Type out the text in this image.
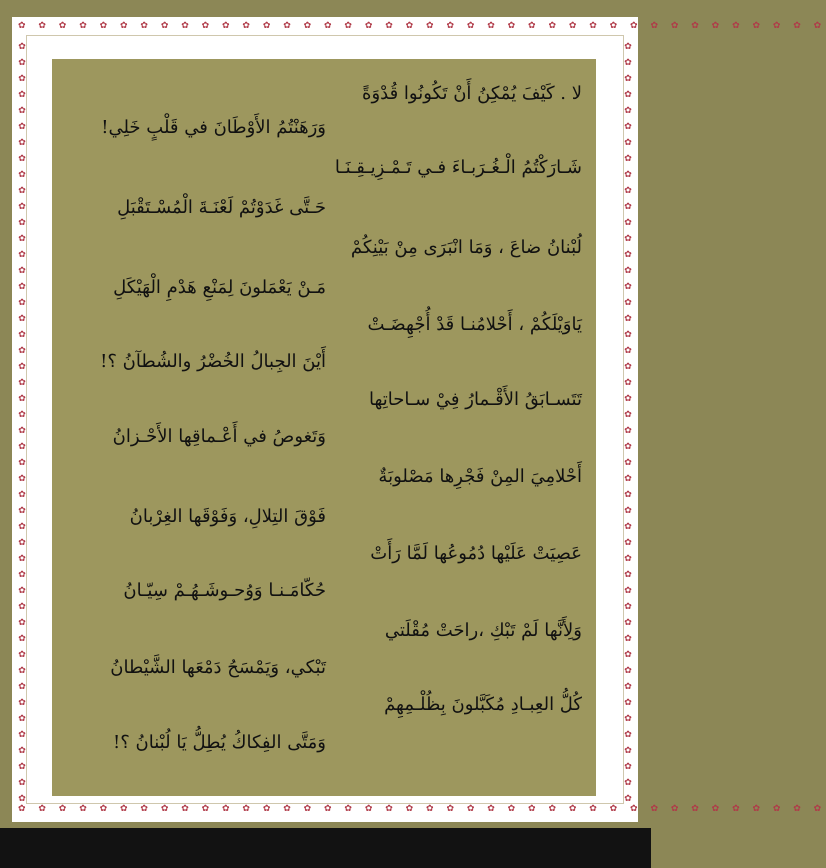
✿ ✿ ✿ ✿ ✿ ✿ ✿ ✿ ✿ ✿ ✿ ✿ ✿ ✿ ✿ ✿ ✿ ✿ ✿ ✿ ✿ ✿ ✿ ✿ ✿ ✿ ✿ ✿ ✿ ✿ ✿ ✿ ✿ ✿ ✿ ✿ ✿ ✿ ✿ ✿
✿ ✿ ✿ ✿ ✿ ✿ ✿ ✿ ✿ ✿ ✿ ✿ ✿ ✿ ✿ ✿ ✿ ✿ ✿ ✿ ✿ ✿ ✿ ✿ ✿ ✿ ✿ ✿ ✿ ✿ ✿ ✿ ✿ ✿ ✿ ✿ ✿ ✿ ✿ ✿
✿ ✿ ✿ ✿ ✿ ✿ ✿ ✿ ✿ ✿ ✿ ✿ ✿ ✿ ✿ ✿ ✿ ✿ ✿ ✿ ✿ ✿ ✿ ✿ ✿ ✿ ✿ ✿ ✿ ✿ ✿ ✿ ✿ ✿ ✿ ✿ ✿ ✿ ✿ ✿ ✿ ✿ ✿ ✿ ✿ ✿ ✿ ✿
✿ ✿ ✿ ✿ ✿ ✿ ✿ ✿ ✿ ✿ ✿ ✿ ✿ ✿ ✿ ✿ ✿ ✿ ✿ ✿ ✿ ✿ ✿ ✿ ✿ ✿ ✿ ✿ ✿ ✿ ✿ ✿ ✿ ✿ ✿ ✿ ✿ ✿ ✿ ✿ ✿ ✿ ✿ ✿ ✿ ✿ ✿ ✿
لا . كَيْفَ يُمْكِنُ أَنْ تَكُونُوا قُدْوَةً
وَرَهَنْتُمُ الأَوْطَانَ في قَلْبٍ خَلِي!
شَـارَكْتُمُ الْـغُـرَبـاءَ فـي تَـمْـزِيـقِـنَـا
حَـتَّى غَدَوْتُمْ لَعْنَـةَ الْمُسْـتَقْبَلِ
لُبْنانُ ضاعَ ، وَمَا انْبَرَى مِنْ بَيْنِكُمْ
مَـنْ يَعْمَلونَ لِمَنْعِ هَدْمِ الْهَيْكَلِ
يَاوَيْلَكُمْ ، أَحْلامُنـا قَدْ أُجْهِضَـتْ
أَيْنَ الجِبالُ الخُضْرُ والشُطآنُ ؟!
تَتَسـابَقُ الأَقْـمارُ فِيْ سـاحاتِها
وَتَغوصُ في أَعْـماقِها الأَحْـزانُ
أَحْلامِيَ المِنْ فَجْرِها مَصْلوبَةٌ
فَوْقَ التِلالِ، وَفَوْقَها الغِرْبانُ
عَصِيَتْ عَلَيْها دُمُوعُها لَمَّا رَأَتْ
حُكّامَـنـا وَوُحـوشَـهُـمْ سِيّـانُ
وَلِأَنَّها لَمْ تَبْكِ ،راحَتْ مُقْلَتي
تَبْكي، وَيَمْسَحُ دَمْعَها الشَّيْطانُ
كُلُّ العِبـادِ مُكَبَّلونَ بِظُلْـمِهِمْ
وَمَتَّى الفِكاكُ يُطِلُّ يَا لُبْنانُ ؟!
